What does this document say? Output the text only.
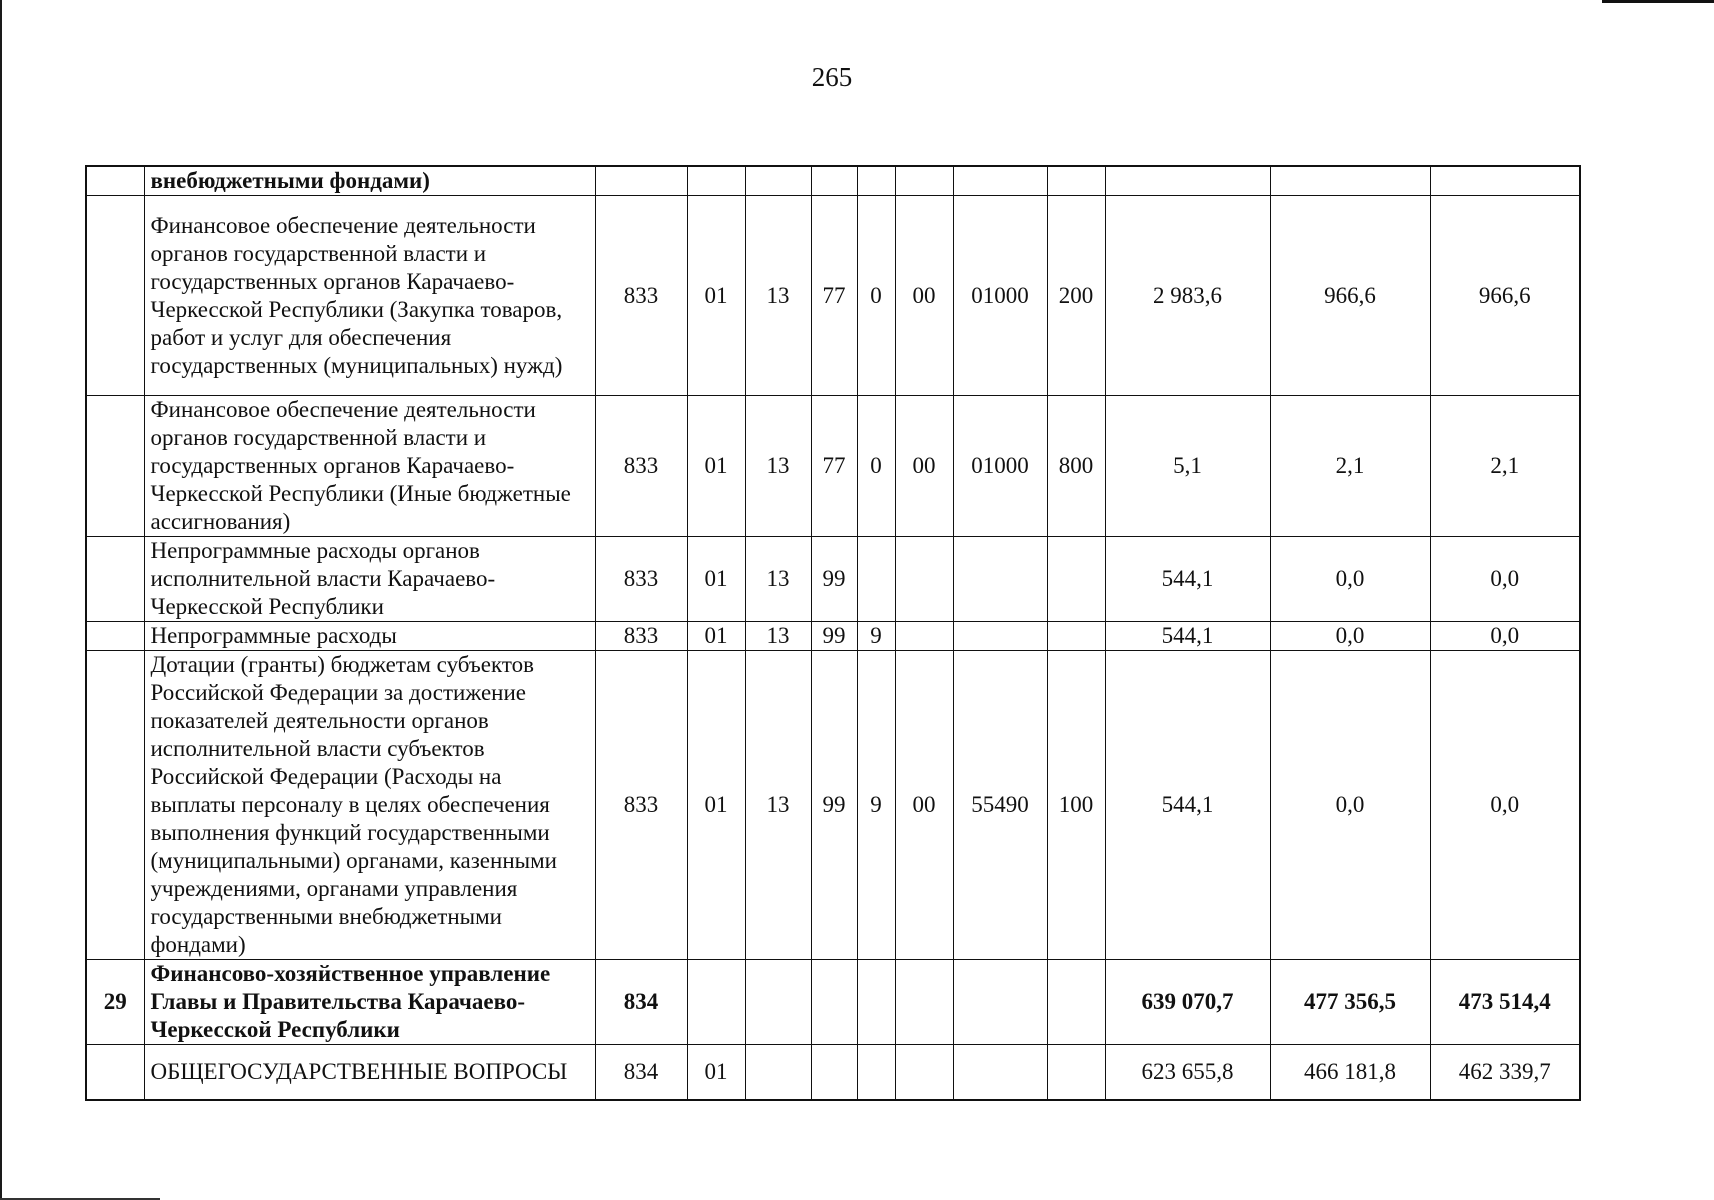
265
	внебюджетными фондами)											
	Финансовое обеспечение деятельности органов государственной власти и государственных органов Карачаево-Черкесской Республики (Закупка товаров, работ и услуг для обеспечения государственных (муниципальных) нужд)	833	01	13	77	0	00	01000	200	2 983,6	966,6	966,6
	Финансовое обеспечение деятельности органов государственной власти и государственных органов Карачаево-Черкесской Республики (Иные бюджетные ассигнования)	833	01	13	77	0	00	01000	800	5,1	2,1	2,1
	Непрограммные расходы органов исполнительной власти Карачаево-Черкесской Республики	833	01	13	99					544,1	0,0	0,0
	Непрограммные расходы	833	01	13	99	9				544,1	0,0	0,0
	Дотации (гранты) бюджетам субъектов Российской Федерации за достижение показателей деятельности органов исполнительной власти субъектов Российской Федерации (Расходы на выплаты персоналу в целях обеспечения выполнения функций государственными (муниципальными) органами, казенными учреждениями, органами управления государственными внебюджетными фондами)	833	01	13	99	9	00	55490	100	544,1	0,0	0,0
29	Финансово-хозяйственное управление Главы и Правительства Карачаево-Черкесской Республики	834								639 070,7	477 356,5	473 514,4
	ОБЩЕГОСУДАРСТВЕННЫЕ ВОПРОСЫ	834	01							623 655,8	466 181,8	462 339,7
